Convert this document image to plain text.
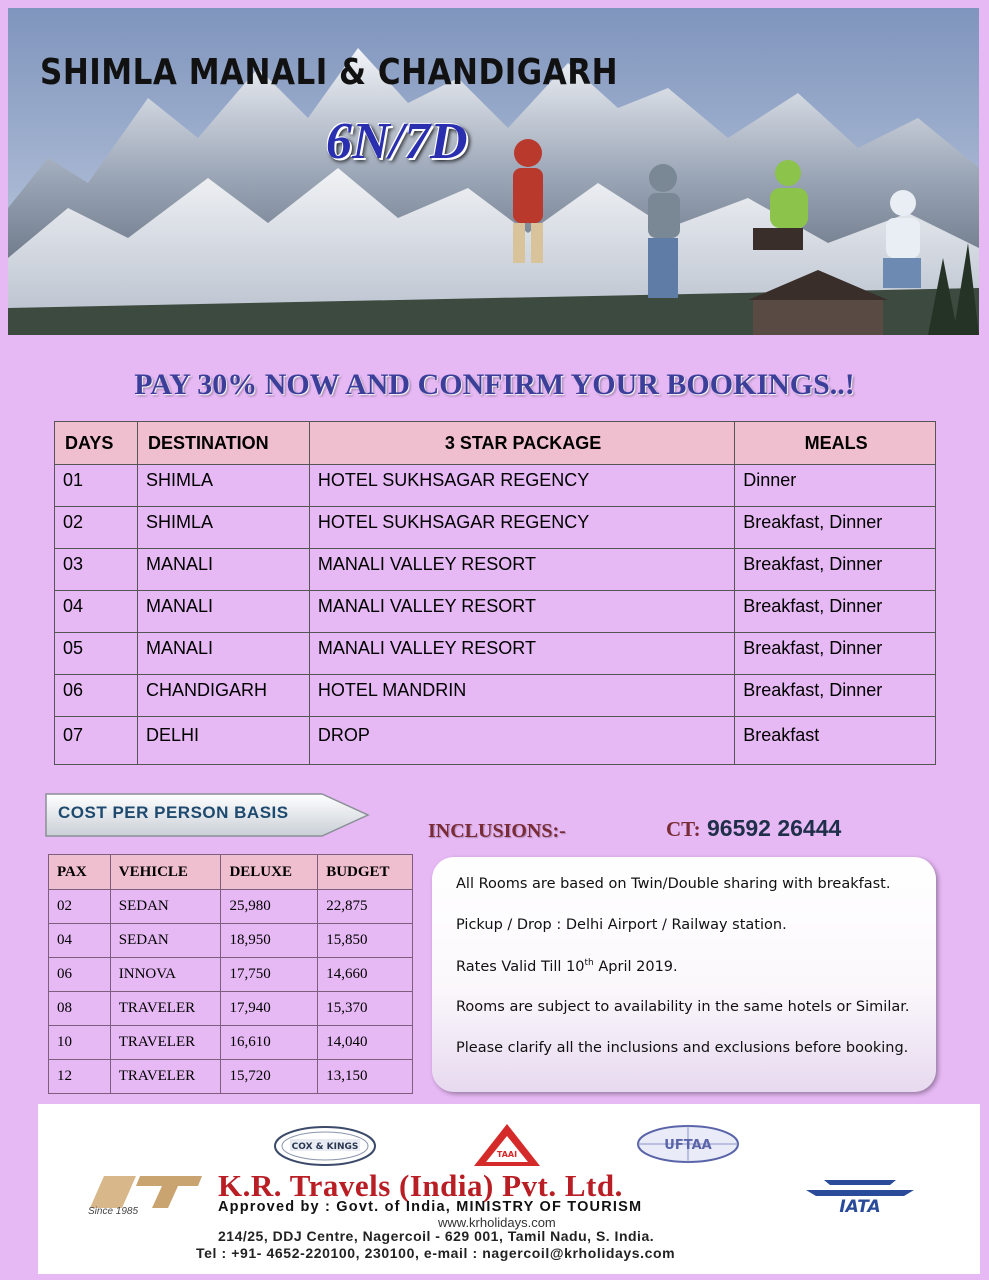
SHIMLA MANALI & CHANDIGARH
6N/7D
PAY 30% NOW AND CONFIRM YOUR BOOKINGS..!
DAYS	DESTINATION	3 STAR PACKAGE	MEALS
01	SHIMLA	HOTEL SUKHSAGAR REGENCY	Dinner
02	SHIMLA	HOTEL SUKHSAGAR REGENCY	Breakfast, Dinner
03	MANALI	MANALI VALLEY RESORT	Breakfast, Dinner
04	MANALI	MANALI VALLEY RESORT	Breakfast, Dinner
05	MANALI	MANALI VALLEY RESORT	Breakfast, Dinner
06	CHANDIGARH	HOTEL MANDRIN	Breakfast, Dinner
07	DELHI	DROP	Breakfast
COST PER PERSON BASIS
INCLUSIONS:-	CT: 96592 26444
PAX	VEHICLE	DELUXE	BUDGET
02	SEDAN	25,980	22,875
04	SEDAN	18,950	15,850
06	INNOVA	17,750	14,660
08	TRAVELER	17,940	15,370
10	TRAVELER	16,610	14,040
12	TRAVELER	15,720	13,150

All Rooms are based on Twin/Double sharing with breakfast.

Pickup / Drop : Delhi Airport / Railway station.

Rates Valid Till 10th April 2019.

Rooms are subject to availability in the same hotels or Similar.

Please clarify all the inclusions and exclusions before booking.

COX & KINGS
TAAI
UFTAA
Since 1985	IATA
K.R. Travels (India) Pvt. Ltd.
Approved by : Govt. of India, MINISTRY OF TOURISM
www.krholidays.com
214/25, DDJ Centre, Nagercoil - 629 001, Tamil Nadu, S. India.
Tel : +91- 4652-220100, 230100, e-mail : nagercoil@krholidays.com
